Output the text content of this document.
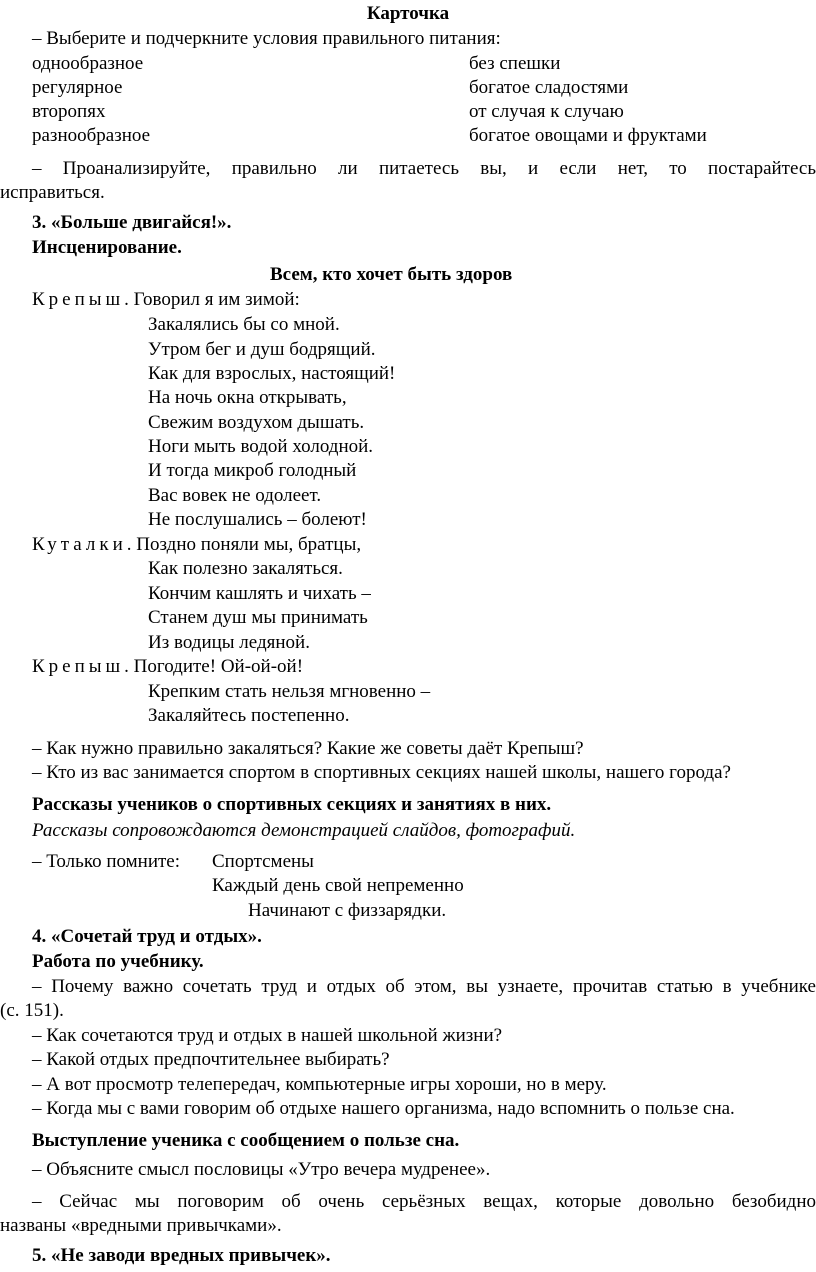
Карточка
– Выберите и подчеркните условия правильного питания:
однообразное	без спешки
регулярное	богатое сладостями
второпях	от случая к случаю
разнообразное	богатое овощами и фруктами
– Проанализируйте, правильно ли питаетесь вы, и если нет, то постарайтесь
исправиться.
3. «Больше двигайся!».
Инсценирование.
Всем, кто хочет быть здоров
Крепыш. Говорил я им зимой:
Закалялись бы со мной.
Утром бег и душ бодрящий.
Как для взрослых, настоящий!
На ночь окна открывать,
Свежим воздухом дышать.
Ноги мыть водой холодной.
И тогда микроб голодный
Вас вовек не одолеет.
Не послушались – болеют!
Куталки. Поздно поняли мы, братцы,
Как полезно закаляться.
Кончим кашлять и чихать –
Станем душ мы принимать
Из водицы ледяной.
Крепыш. Погодите! Ой-ой-ой!
Крепким стать нельзя мгновенно –
Закаляйтесь постепенно.
– Как нужно правильно закаляться? Какие же советы даёт Крепыш?
– Кто из вас занимается спортом в спортивных секциях нашей школы, нашего города?
Рассказы учеников о спортивных секциях и занятиях в них.
Рассказы сопровождаются демонстрацией слайдов, фотографий.
– Только помните: Спортсмены
Каждый день свой непременно
Начинают с физзарядки.
4. «Сочетай труд и отдых».
Работа по учебнику.
– Почему важно сочетать труд и отдых об этом, вы узнаете, прочитав статью в учебнике
(с. 151).
– Как сочетаются труд и отдых в нашей школьной жизни?
– Какой отдых предпочтительнее выбирать?
– А вот просмотр телепередач, компьютерные игры хороши, но в меру.
– Когда мы с вами говорим об отдыхе нашего организма, надо вспомнить о пользе сна.
Выступление ученика с сообщением о пользе сна.
– Объясните смысл пословицы «Утро вечера мудренее».
– Сейчас мы поговорим об очень серьёзных вещах, которые довольно безобидно
названы «вредными привычками».
5. «Не заводи вредных привычек».
